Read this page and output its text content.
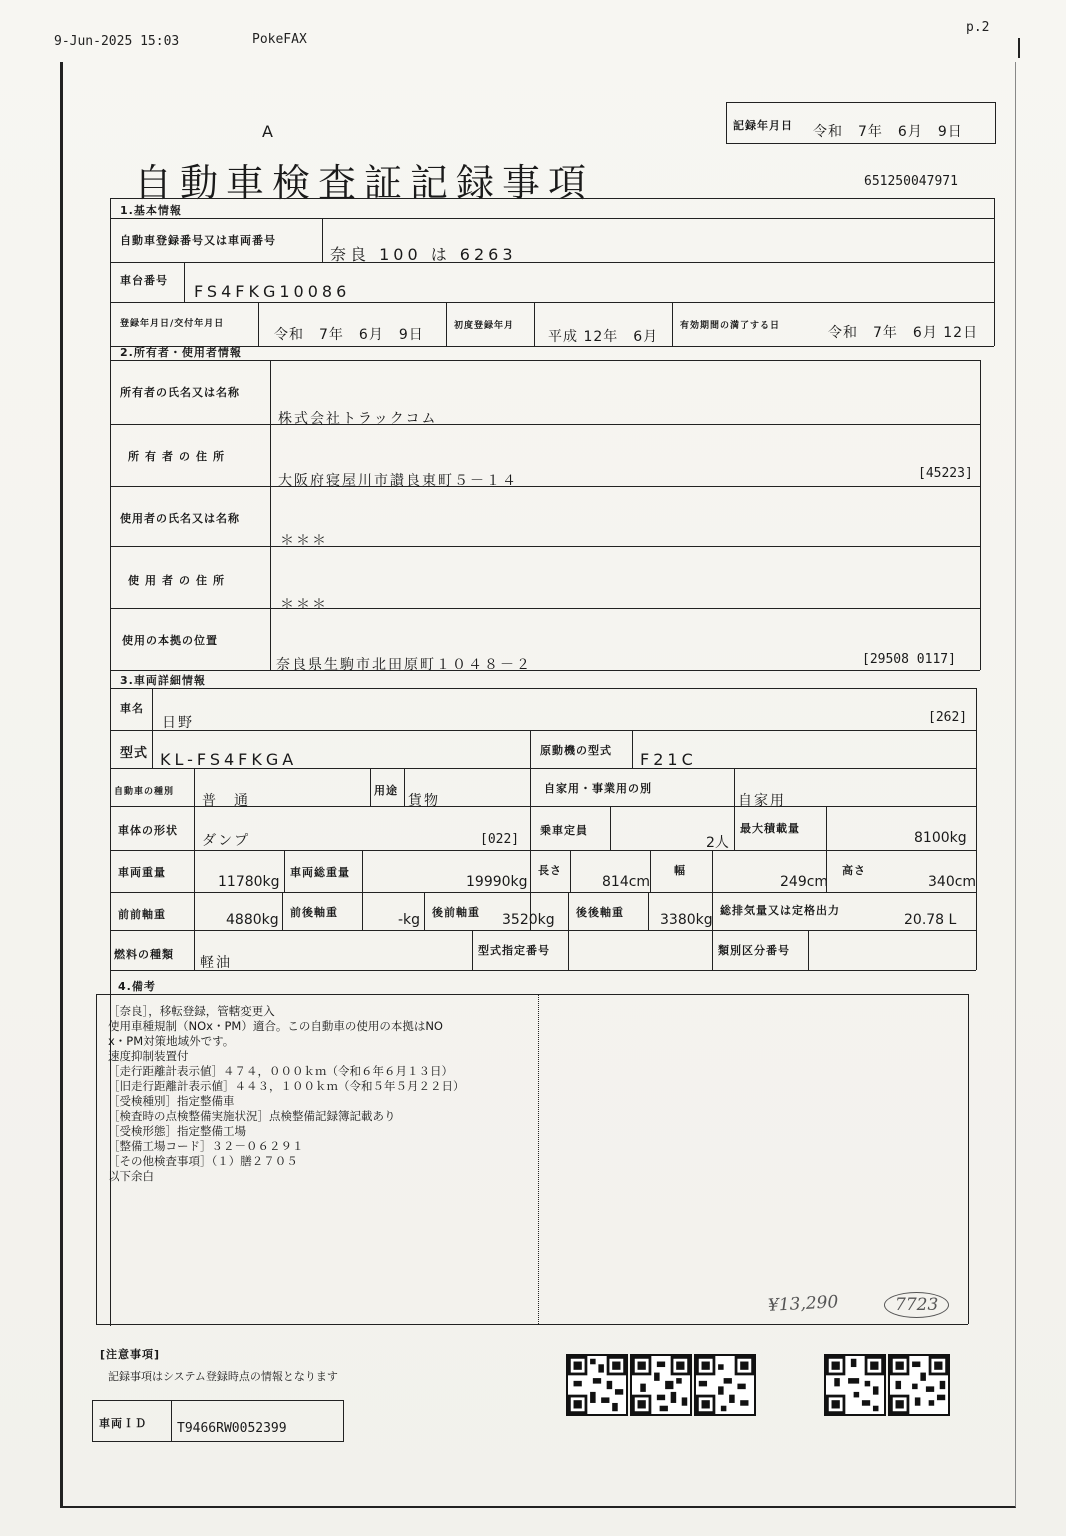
9-Jun-2025 15:03	PokeFAX
p.2
A
自動車検査証記録事項
記録年月日 令和　7年　6月　9日
651250047971
1.基本情報
自動車登録番号又は車両番号
奈良 100 は 6263
車台番号
FS4FKG10086
登録年月日/交付年月日
令和　7年　6月　9日
初度登録年月
平成 12年　6月
有効期間の満了する日	令和　7年　6月 12日
2.所有者・使用者情報
所有者の氏名又は名称
株式会社トラックコム
所有者の住所
大阪府寝屋川市讃良東町５－１４	[45223]
使用者の氏名又は名称
＊＊＊
使用者の住所
＊＊＊
使用の本拠の位置
奈良県生駒市北田原町１０４８－２	[29508 0117]
3.車両詳細情報
車名
日野	[262]
型式 KL-FS4FKGA	原動機の型式 F21C
自動車の種別
普　通
用途
貨物
自家用・事業用の別
自家用
車体の形状
ダンプ	[022]
乗車定員
2人
最大積載量
8100kg
車両重量
11780kg
車両総重量
19990kg
長さ
814cm
幅
249cm
高さ
340cm
前前軸重	4880kg 前後軸重	-kg 後前軸重 3520kg 後後軸重	3380kg
総排気量又は定格出力
20.78 L
燃料の種類
軽油
型式指定番号	類別区分番号
4.備考
［奈良］，移転登録，管轄変更入
使用車種規制（NOx・PM）適合。この自動車の使用の本拠はNO
x・PM対策地域外です。
速度抑制装置付
［走行距離計表示値］４７４，０００ｋｍ（令和６年６月１３日）
［旧走行距離計表示値］４４３，１００ｋｍ（令和５年５月２２日）
［受検種別］指定整備車
［検査時の点検整備実施状況］点検整備記録簿記載あり
［受検形態］指定整備工場
［整備工場コード］３２－０６２９１
［その他検査事項］（１）膳２７０５
以下余白
¥13,290	7723
[注意事項]
記録事項はシステム登録時点の情報となります
車両ＩＤ T9466RW0052399
